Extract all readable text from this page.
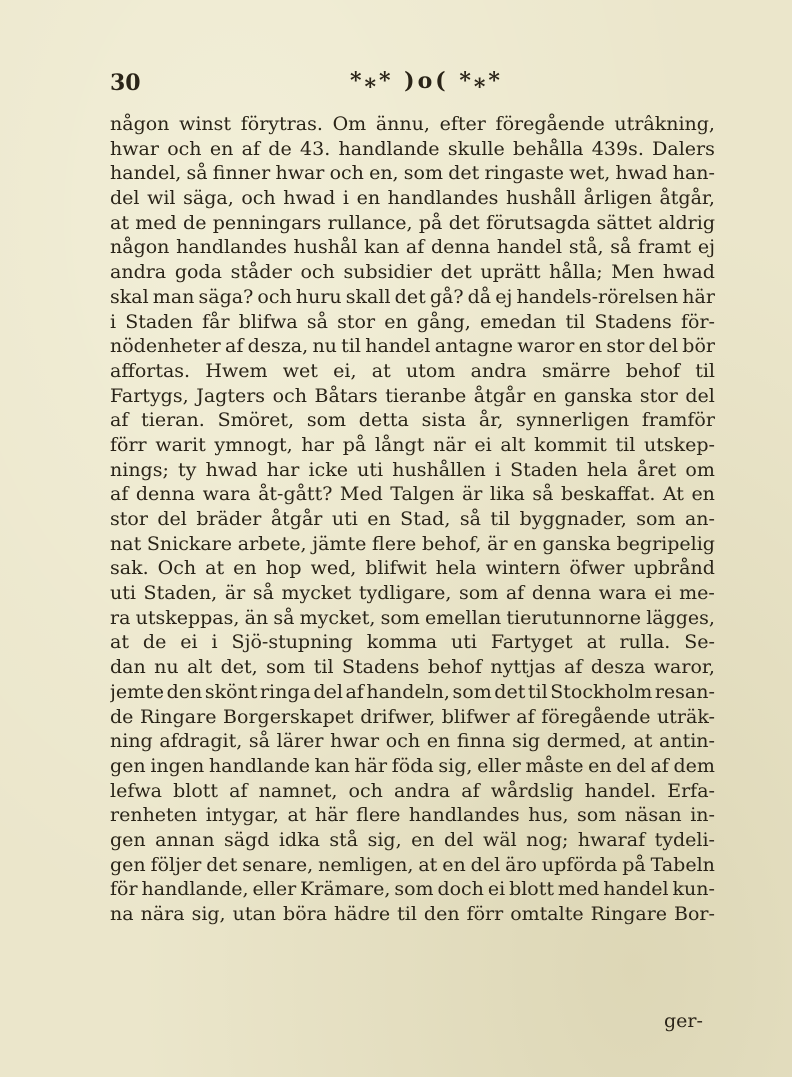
30	*⁎* )o( *⁎*
någon winst förytras. Om ännu, efter föregående utrâkning,
hwar och en af de 43. handlande skulle behålla 439s. Dalers
handel, så finner hwar och en, som det ringaste wet, hwad han-
del wil säga, och hwad i en handlandes hushåll årligen åtgår,
at med de penningars rullance, på det förutsagda sättet aldrig
någon handlandes hushål kan af denna handel stå, så framt ej
andra goda ståder och subsidier det uprätt hålla; Men hwad
skal man säga? och huru skall det gå? då ej handels-rörelsen här
i Staden får blifwa så stor en gång, emedan til Stadens för-
nödenheter af desza, nu til handel antagne waror en stor del bör
affortas. Hwem wet ei, at utom andra smärre behof til
Fartygs, Jagters och Båtars tieranbe åtgår en ganska stor del
af tieran. Smöret, som detta sista år, synnerligen framför
förr warit ymnogt, har på långt när ei alt kommit til utskep-
nings; ty hwad har icke uti hushållen i Staden hela året om
af denna wara åt-gått? Med Talgen är lika så beskaffat. At en
stor del bräder åtgår uti en Stad, så til byggnader, som an-
nat Snickare arbete, jämte flere behof, är en ganska begripelig
sak. Och at en hop wed, blifwit hela wintern öfwer upbrånd
uti Staden, är så mycket tydligare, som af denna wara ei me-
ra utskeppas, än så mycket, som emellan tierutunnorne lägges,
at de ei i Sjö-stupning komma uti Fartyget at rulla. Se-
dan nu alt det, som til Stadens behof nyttjas af desza waror,
jemte den skönt ringa del af handeln, som det til Stockholm resan-
de Ringare Borgerskapet drifwer, blifwer af föregående uträk-
ning afdragit, så lärer hwar och en finna sig dermed, at antin-
gen ingen handlande kan här föda sig, eller måste en del af dem
lefwa blott af namnet, och andra af wårdslig handel. Erfa-
renheten intygar, at här flere handlandes hus, som näsan in-
gen annan sägd idka stå sig, en del wäl nog; hwaraf tydeli-
gen följer det senare, nemligen, at en del äro upförda på Tabeln
för handlande, eller Krämare, som doch ei blott med handel kun-
na nära sig, utan böra hädre til den förr omtalte Ringare Bor-
ger-
